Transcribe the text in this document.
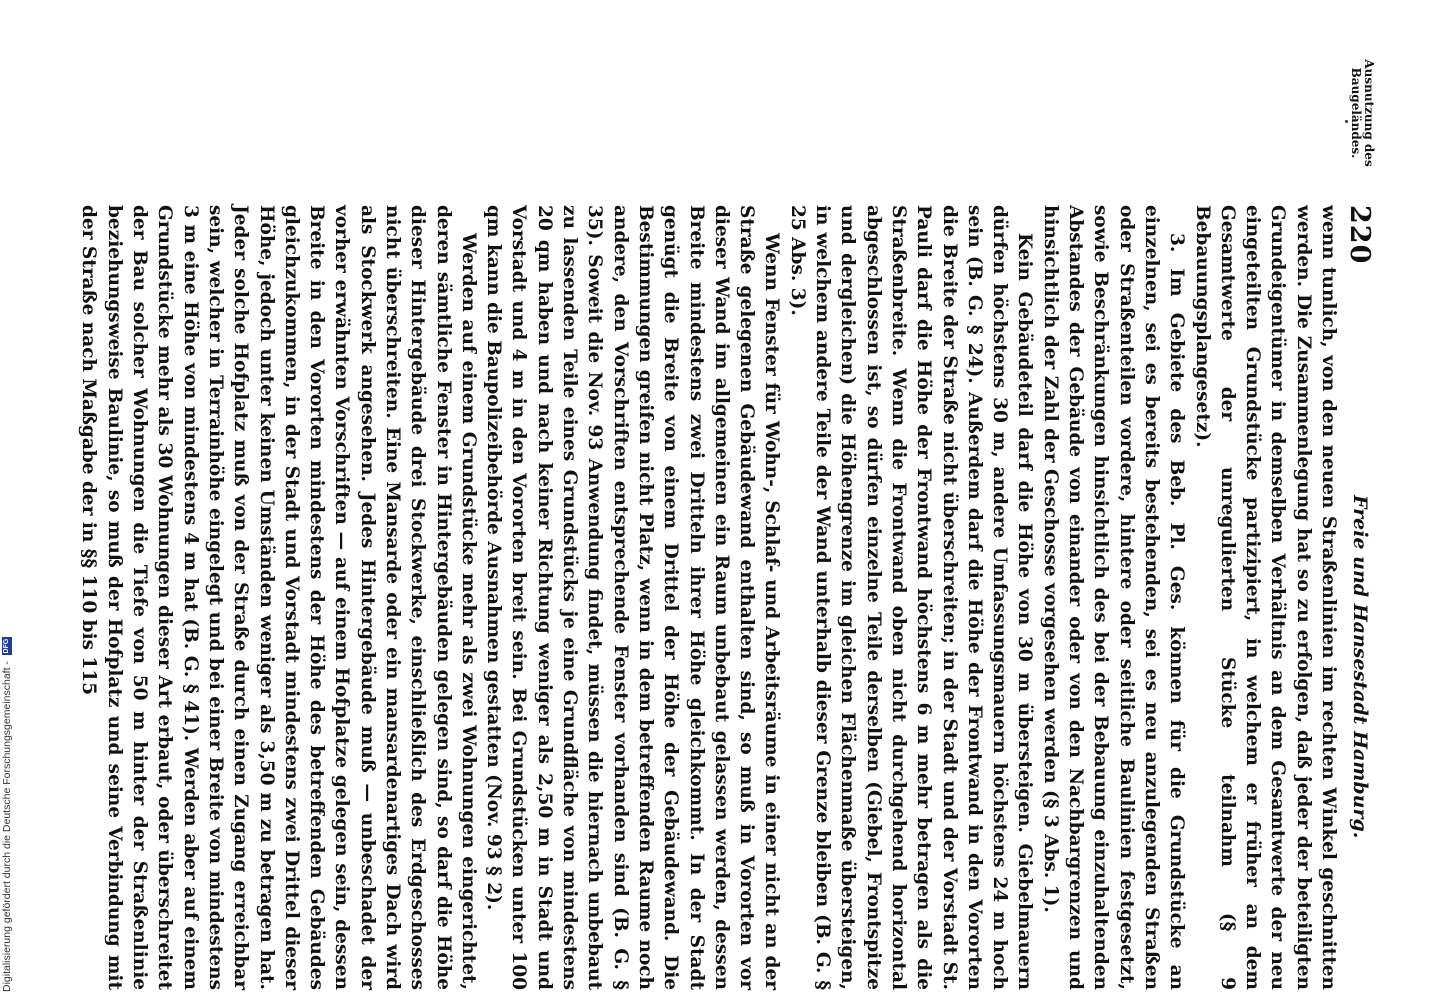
220
Freie und Hansestadt Hamburg.

wenn tunlich, von den neuen Straßenlinien im rechten Winkel geschnitten werden. Die Zusammenlegung hat so zu erfolgen, daß jeder der beteiligten Grundeigentümer in demselben Verhältnis an dem Gesamtwerte der neu eingeteilten Grundstücke partizipiert, in welchem er früher an dem Gesamtwerte der unregulierten Stücke teilnahm (§ 9 Bebauungsplangesetz).

3. Im Gebiete des Beb. Pl. Ges. können für die Grundstücke an einzelnen, sei es bereits bestehenden, sei es neu anzulegenden Straßen oder Straßenteilen vordere, hintere oder seitliche Baulinien festgesetzt, sowie Beschränkungen hinsichtlich des bei der Bebauung einzuhaltenden Abstandes der Gebäude von einander oder von den Nachbargrenzen und hinsichtlich der Zahl der Geschosse vorgesehen werden (§ 3 Abs. 1).

Kein Gebäudeteil darf die Höhe von 30 m übersteigen. Giebelmauern dürfen höchstens 30 m, andere Umfassungsmauern höchstens 24 m hoch sein (B. G. § 24). Außerdem darf die Höhe der Frontwand in den Vororten die Breite der Straße nicht überschreiten; in der Stadt und der Vorstadt St. Pauli darf die Höhe der Frontwand höchstens 6 m mehr betragen als die Straßenbreite. Wenn die Frontwand oben nicht durchgehend horizontal abgeschlossen ist, so dürfen einzelne Teile derselben (Giebel, Frontspitze und dergleichen) die Höhengrenze im gleichen Flächenmaße übersteigen, in welchem andere Teile der Wand unterhalb dieser Grenze bleiben (B. G. § 25 Abs. 3).

Wenn Fenster für Wohn-, Schlaf- und Arbeitsräume in einer nicht an der Straße gelegenen Gebäudewand enthalten sind, so muß in Vororten vor dieser Wand im allgemeinen ein Raum unbebaut gelassen werden, dessen Breite mindestens zwei Dritteln ihrer Höhe gleichkommt. In der Stadt genügt die Breite von einem Drittel der Höhe der Gebäudewand. Die Bestimmungen greifen nicht Platz, wenn in dem betreffenden Raume noch andere, den Vorschriften entsprechende Fenster vorhanden sind (B. G. § 35). Soweit die Nov. 93 Anwendung findet, müssen die hiernach unbebaut zu lassenden Teile eines Grundstücks je eine Grundfläche von mindestens 20 qm haben und nach keiner Richtung weniger als 2,50 m in Stadt und Vorstadt und 4 m in den Vororten breit sein. Bei Grundstücken unter 100 qm kann die Baupolizeibehörde Ausnahmen gestatten (Nov. 93 § 2).

Werden auf einem Grundstücke mehr als zwei Wohnungen eingerichtet, deren sämtliche Fenster in Hintergebäuden gelegen sind, so darf die Höhe dieser Hintergebäude drei Stockwerke, einschließlich des Erdgeschosses nicht überschreiten. Eine Mansarde oder ein mansardenartiges Dach wird als Stockwerk angesehen. Jedes Hintergebäude muß — unbeschadet der vorher erwähnten Vorschriften — auf einem Hofplatze gelegen sein, dessen Breite in den Vororten mindestens der Höhe des betreffenden Gebäudes gleichzukommen, in der Stadt und Vorstadt mindestens zwei Drittel dieser Höhe, jedoch unter keinen Umständen weniger als 3,50 m zu betragen hat. Jeder solche Hofplatz muß von der Straße durch einen Zugang erreichbar sein, welcher in Terrainhöhe eingelegt und bei einer Breite von mindestens 3 m eine Höhe von mindestens 4 m hat (B. G. § 41). Werden aber auf einem Grundstücke mehr als 30 Wohnungen dieser Art erbaut, oder überschreitet der Bau solcher Wohnungen die Tiefe von 50 m hinter der Straßenlinie beziehungsweise Baulinie, so muß der Hofplatz und seine Verbindung mit der Straße nach Maßgabe der in §§ 110 bis 115

Ausnutzung des Baugeländes.
Digitalisierung gefördert durch die Deutsche Forschungsgemeinschaft -
DFG
